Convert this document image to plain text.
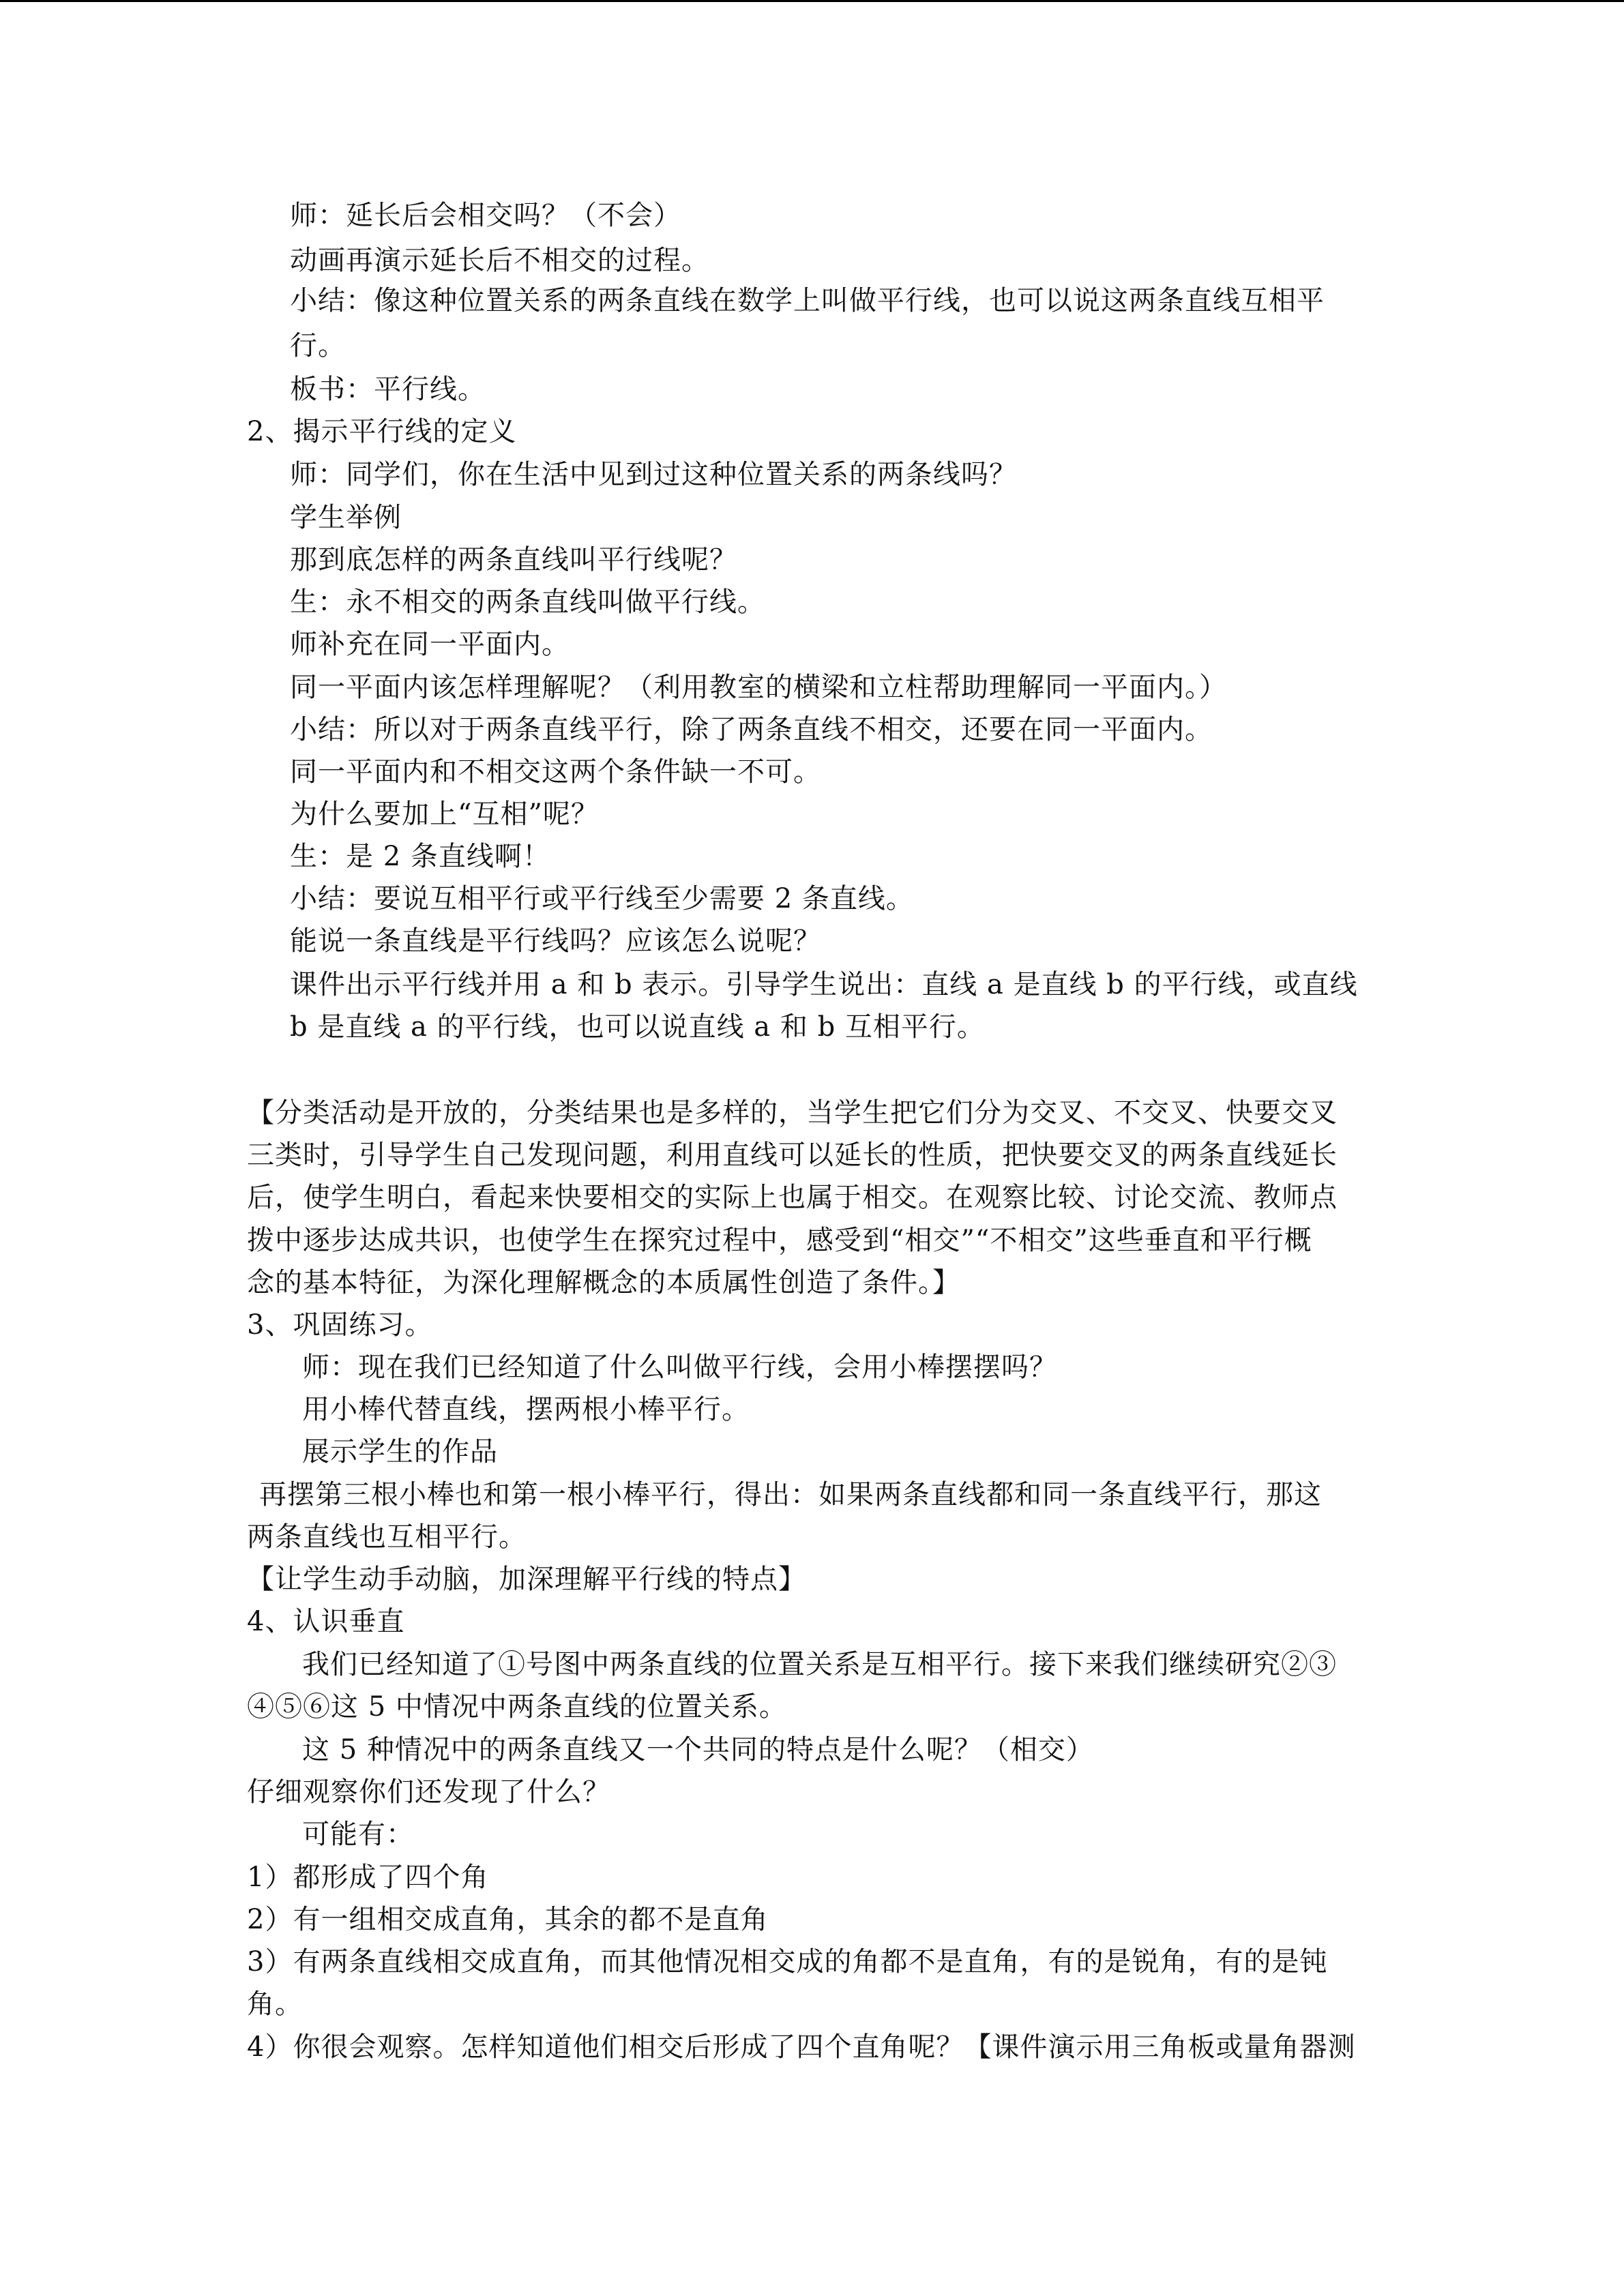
师：延长后会相交吗？（不会）
动画再演示延长后不相交的过程。
小结：像这种位置关系的两条直线在数学上叫做平行线，也可以说这两条直线互相平
行。
板书：平行线。
2、揭示平行线的定义
师：同学们，你在生活中见到过这种位置关系的两条线吗？
学生举例
那到底怎样的两条直线叫平行线呢？
生：永不相交的两条直线叫做平行线。
师补充在同一平面内。
同一平面内该怎样理解呢？（利用教室的横梁和立柱帮助理解同一平面内。）
小结：所以对于两条直线平行，除了两条直线不相交，还要在同一平面内。
同一平面内和不相交这两个条件缺一不可。
为什么要加上“互相”呢？
生：是 2 条直线啊！
小结：要说互相平行或平行线至少需要 2 条直线。
能说一条直线是平行线吗？应该怎么说呢？
课件出示平行线并用 a 和 b 表示。引导学生说出：直线 a 是直线 b 的平行线，或直线
b 是直线 a 的平行线，也可以说直线 a 和 b 互相平行。
【分类活动是开放的，分类结果也是多样的，当学生把它们分为交叉、不交叉、快要交叉
三类时，引导学生自己发现问题，利用直线可以延长的性质，把快要交叉的两条直线延长
后，使学生明白，看起来快要相交的实际上也属于相交。在观察比较、讨论交流、教师点
拨中逐步达成共识，也使学生在探究过程中，感受到“相交”“不相交”这些垂直和平行概
念的基本特征，为深化理解概念的本质属性创造了条件。】
3、巩固练习。
师：现在我们已经知道了什么叫做平行线，会用小棒摆摆吗？
用小棒代替直线，摆两根小棒平行。
展示学生的作品
再摆第三根小棒也和第一根小棒平行，得出：如果两条直线都和同一条直线平行，那这
两条直线也互相平行。
【让学生动手动脑，加深理解平行线的特点】
4、认识垂直
我们已经知道了①号图中两条直线的位置关系是互相平行。接下来我们继续研究②③
④⑤⑥这 5 中情况中两条直线的位置关系。
这 5 种情况中的两条直线又一个共同的特点是什么呢？（相交）
仔细观察你们还发现了什么？
可能有：
1）都形成了四个角
2）有一组相交成直角，其余的都不是直角
3）有两条直线相交成直角，而其他情况相交成的角都不是直角，有的是锐角，有的是钝
角。
4）你很会观察。怎样知道他们相交后形成了四个直角呢？【课件演示用三角板或量角器测
